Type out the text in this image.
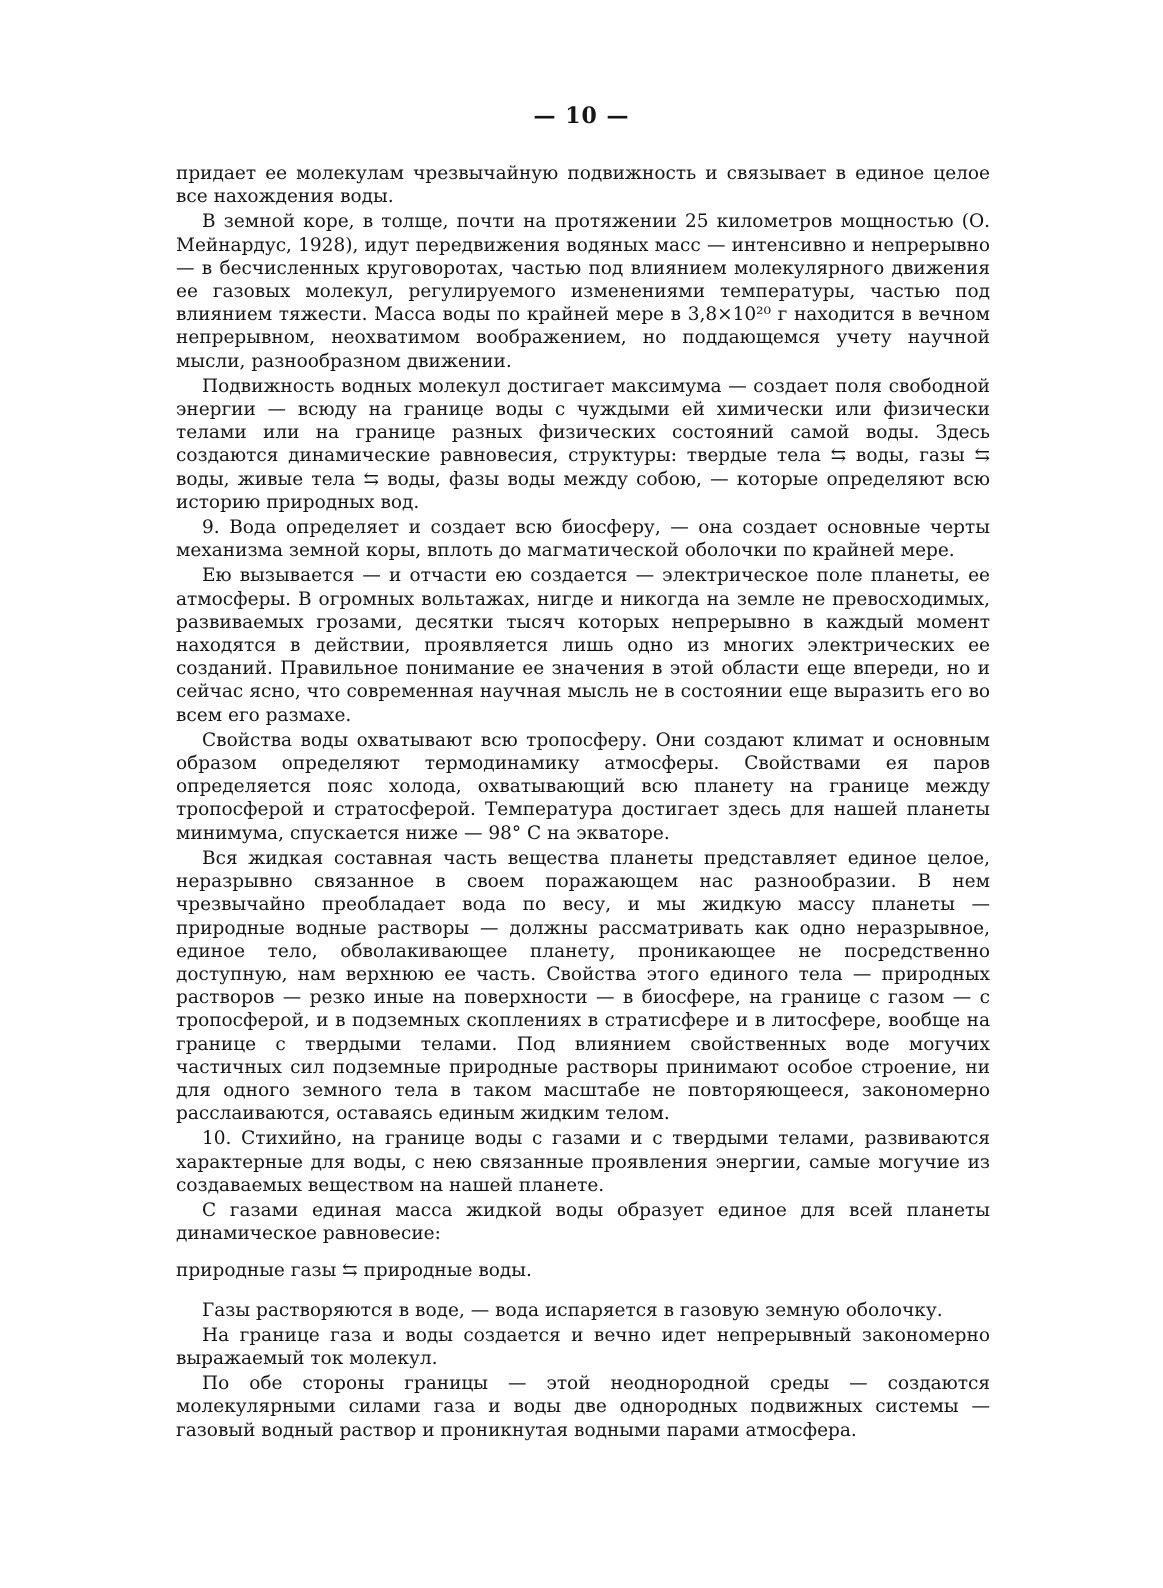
— 10 —

придает ее молекулам чрезвычайную подвижность и связывает в единое целое все нахождения воды.

В земной коре, в толще, почти на протяжении 25 километров мощностью (О. Мейнардус, 1928), идут передвижения водяных масс — интенсивно и непрерывно — в бесчисленных круговоротах, частью под влиянием молекулярного движения ее газовых молекул, регулируемого изменениями температуры, частью под влиянием тяжести. Масса воды по крайней мере в 3,8×10²⁰ г находится в вечном непрерывном, неохватимом воображением, но поддающемся учету научной мысли, разнообразном движении.

Подвижность водных молекул достигает максимума — создает поля свободной энергии — всюду на границе воды с чуждыми ей химически или физически телами или на границе разных физических состояний самой воды. Здесь создаются динамические равновесия, структуры: твердые тела ⇆ воды, газы ⇆ воды, живые тела ⇆ воды, фазы воды между собою, — которые определяют всю историю природных вод.

9. Вода определяет и создает всю биосферу, — она создает основные черты механизма земной коры, вплоть до магматической оболочки по крайней мере.

Ею вызывается — и отчасти ею создается — электрическое поле планеты, ее атмосферы. В огромных вольтажах, нигде и никогда на земле не превосходимых, развиваемых грозами, десятки тысяч которых непрерывно в каждый момент находятся в действии, проявляется лишь одно из многих электрических ее созданий. Правильное понимание ее значения в этой области еще впереди, но и сейчас ясно, что современная научная мысль не в состоянии еще выразить его во всем его размахе.

Свойства воды охватывают всю тропосферу. Они создают климат и основным образом определяют термодинамику атмосферы. Свойствами ея паров определяется пояс холода, охватывающий всю планету на границе между тропосферой и стратосферой. Температура достигает здесь для нашей планеты минимума, спускается ниже — 98° С на экваторе.

Вся жидкая составная часть вещества планеты представляет единое целое, неразрывно связанное в своем поражающем нас разнообразии. В нем чрезвычайно преобладает вода по весу, и мы жидкую массу планеты — природные водные растворы — должны рассматривать как одно неразрывное, единое тело, обволакивающее планету, проникающее не посредственно доступную, нам верхнюю ее часть. Свойства этого единого тела — природных растворов — резко иные на поверхности — в биосфере, на границе с газом — с тропосферой, и в подземных скоплениях в стратисфере и в литосфере, вообще на границе с твердыми телами. Под влиянием свойственных воде могучих частичных сил подземные природные растворы принимают особое строение, ни для одного земного тела в таком масштабе не повторяющееся, закономерно расслаиваются, оставаясь единым жидким телом.

10. Стихийно, на границе воды с газами и с твердыми телами, развиваются характерные для воды, с нею связанные проявления энергии, самые могучие из создаваемых веществом на нашей планете.

С газами единая масса жидкой воды образует единое для всей планеты динамическое равновесие:

природные газы ⇆ природные воды.

Газы растворяются в воде, — вода испаряется в газовую земную оболочку.

На границе газа и воды создается и вечно идет непрерывный закономерно выражаемый ток молекул.

По обе стороны границы — этой неоднородной среды — создаются молекулярными силами газа и воды две однородных подвижных системы — газовый водный раствор и проникнутая водными парами атмосфера.
